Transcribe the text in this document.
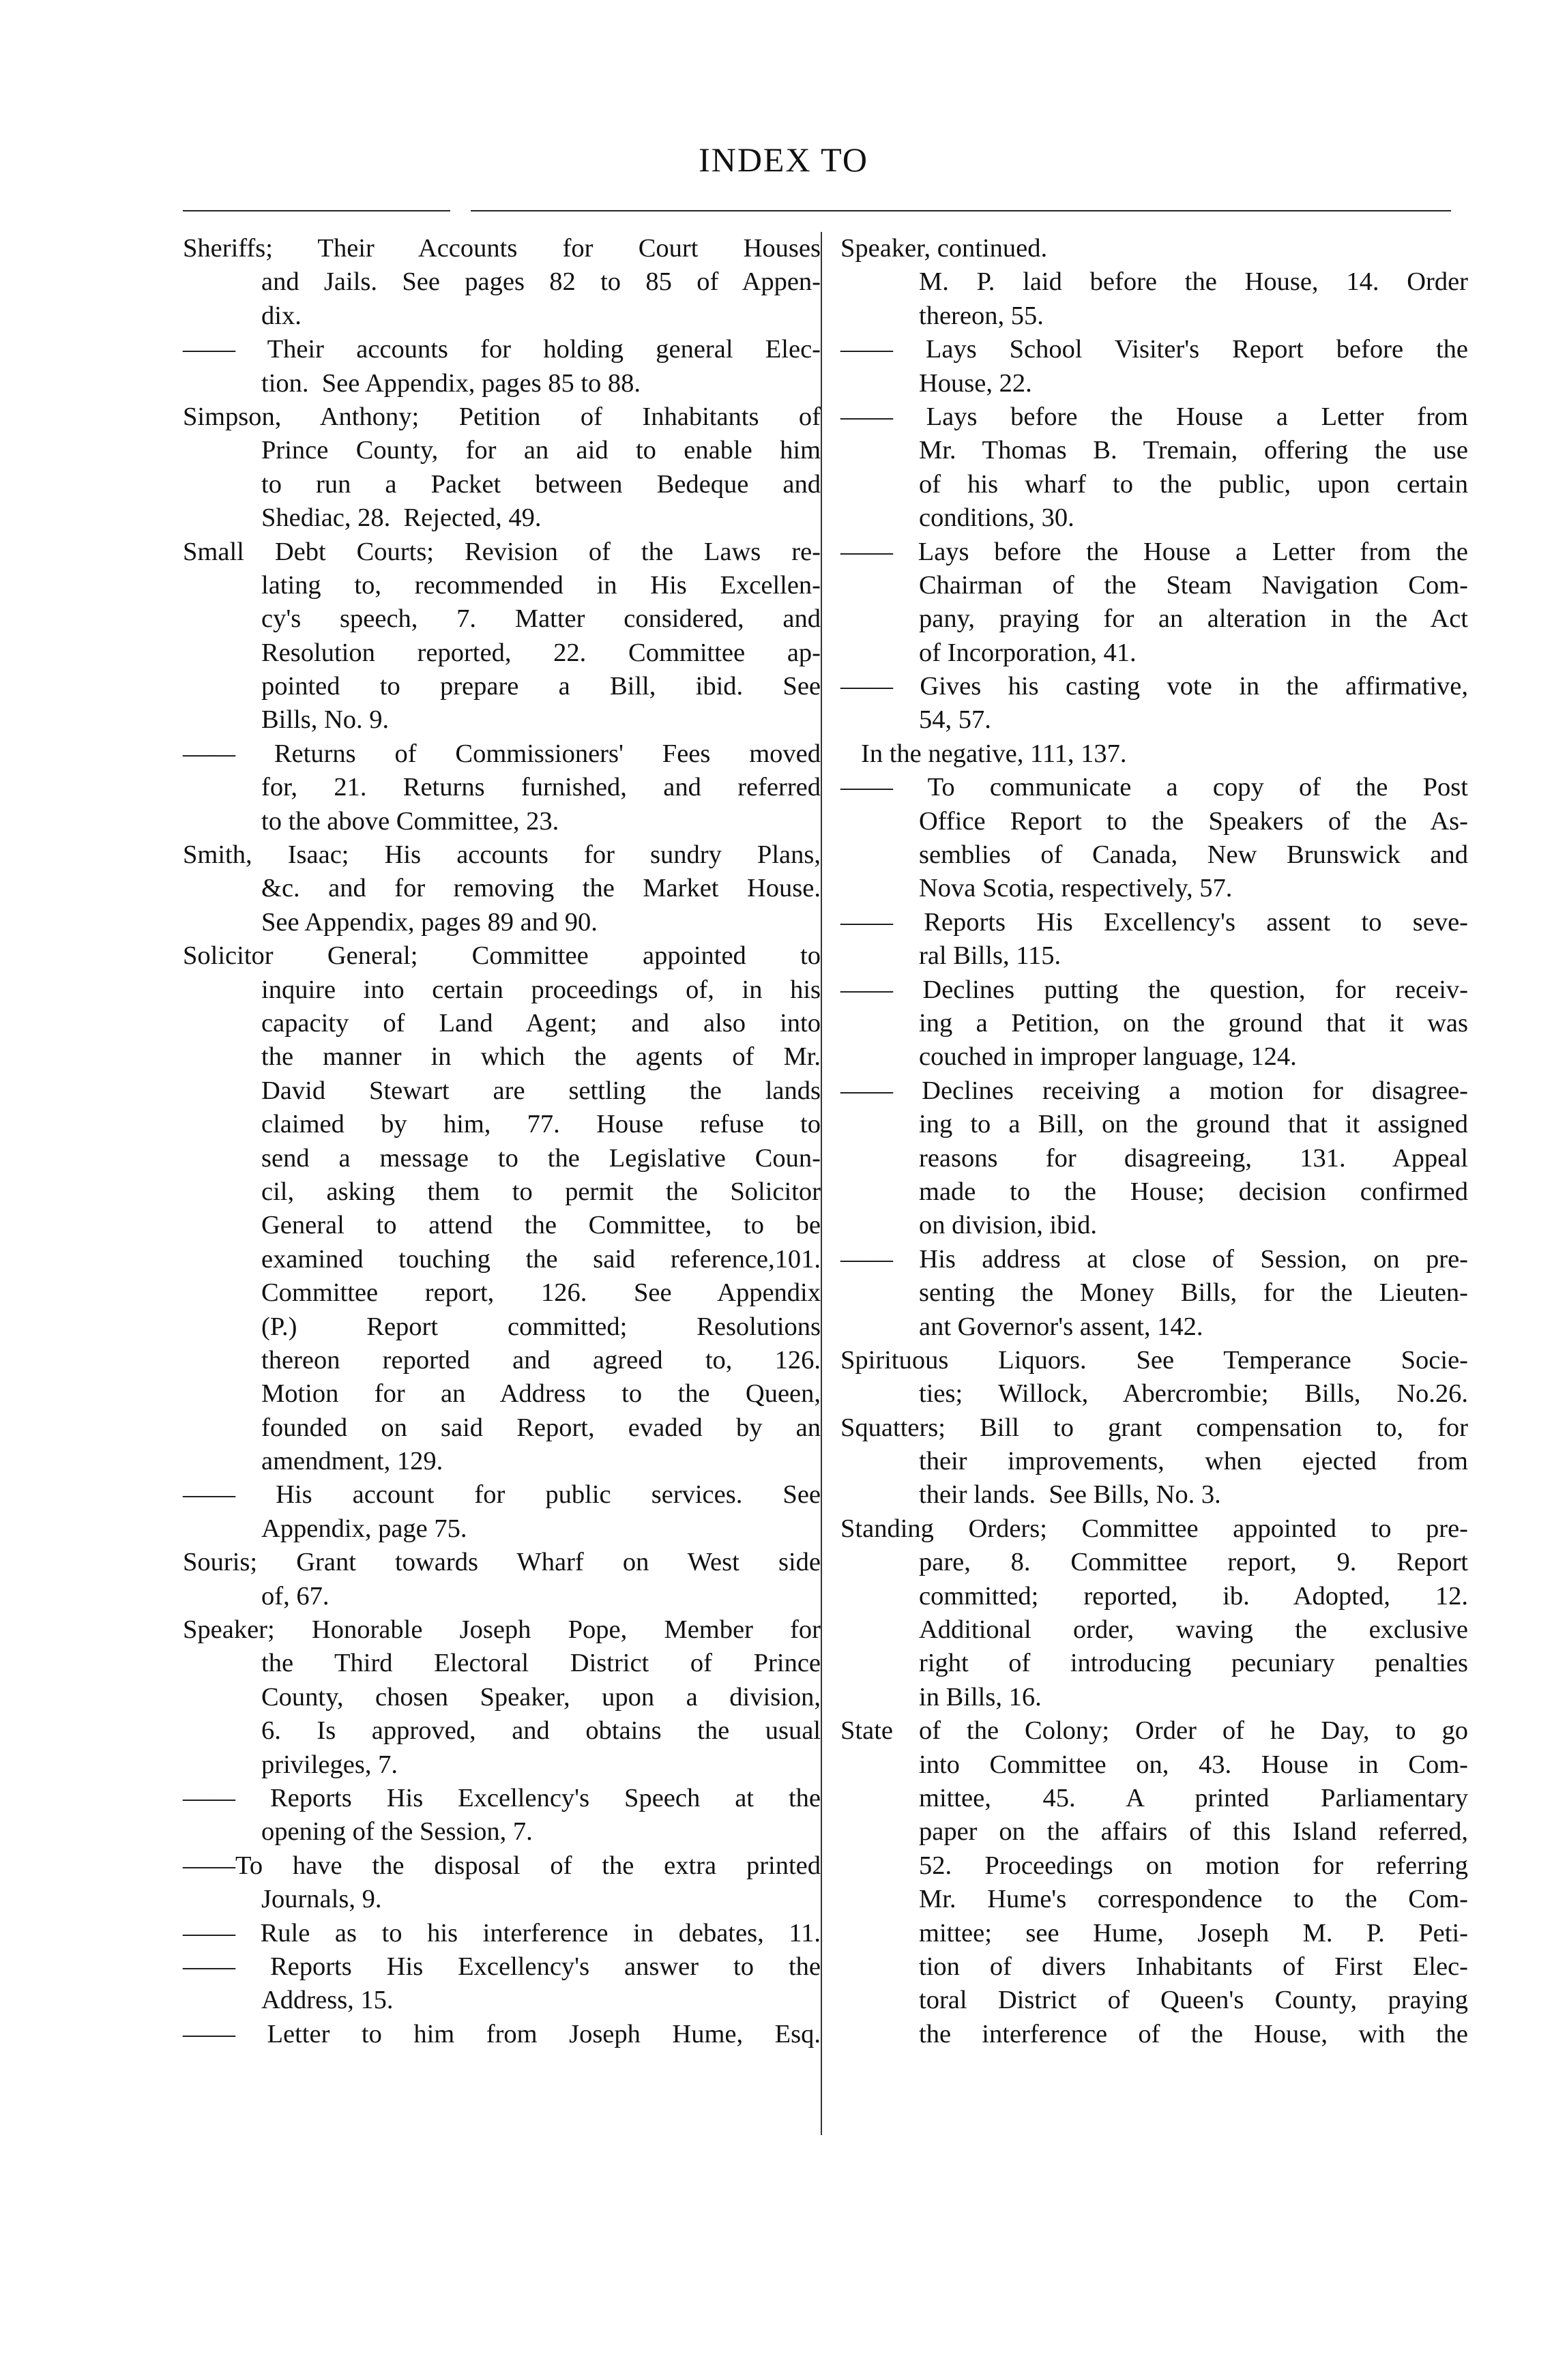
INDEX TO
Sheriffs; Their Accounts for Court Houses
and Jails. See pages 82 to 85 of Appen-
dix.
—— Their accounts for holding general Elec-
tion.  See Appendix, pages 85 to 88.
Simpson, Anthony; Petition of Inhabitants of
Prince County, for an aid to enable him
to run a Packet between Bedeque and
Shediac, 28.  Rejected, 49.
Small Debt Courts; Revision of the Laws re-
lating to, recommended in His Excellen-
cy's speech, 7. Matter considered, and
Resolution reported, 22. Committee ap-
pointed to prepare a Bill, ibid. See
Bills, No. 9.
—— Returns of Commissioners' Fees moved
for, 21. Returns furnished, and referred
to the above Committee, 23.
Smith, Isaac; His accounts for sundry Plans,
&c. and for removing the Market House.
See Appendix, pages 89 and 90.
Solicitor General; Committee appointed to
inquire into certain proceedings of, in his
capacity of Land Agent; and also into
the manner in which the agents of Mr.
David Stewart are settling the lands
claimed by him, 77. House refuse to
send a message to the Legislative Coun-
cil, asking them to permit the Solicitor
General to attend the Committee, to be
examined touching the said reference,101.
Committee report, 126. See Appendix
(P.) Report committed; Resolutions
thereon reported and agreed to, 126.
Motion for an Address to the Queen,
founded on said Report, evaded by an
amendment, 129.
—— His account for public services. See
Appendix, page 75.
Souris; Grant towards Wharf on West side
of, 67.
Speaker; Honorable Joseph Pope, Member for
the Third Electoral District of Prince
County, chosen Speaker, upon a division,
6. Is approved, and obtains the usual
privileges, 7.
—— Reports His Excellency's Speech at the
opening of the Session, 7.
——To have the disposal of the extra printed
Journals, 9.
—— Rule as to his interference in debates, 11.
—— Reports His Excellency's answer to the
Address, 15.
—— Letter to him from Joseph Hume, Esq.
Speaker, continued.
M. P. laid before the House, 14. Order
thereon, 55.
—— Lays School Visiter's Report before the
House, 22.
—— Lays before the House a Letter from
Mr. Thomas B. Tremain, offering the use
of his wharf to the public, upon certain
conditions, 30.
—— Lays before the House a Letter from the
Chairman of the Steam Navigation Com-
pany, praying for an alteration in the Act
of Incorporation, 41.
—— Gives his casting vote in the affirmative,
54, 57.
In the negative, 111, 137.
—— To communicate a copy of the Post
Office Report to the Speakers of the As-
semblies of Canada, New Brunswick and
Nova Scotia, respectively, 57.
—— Reports His Excellency's assent to seve-
ral Bills, 115.
—— Declines putting the question, for receiv-
ing a Petition, on the ground that it was
couched in improper language, 124.
—— Declines receiving a motion for disagree-
ing to a Bill, on the ground that it assigned
reasons for disagreeing, 131. Appeal
made to the House; decision confirmed
on division, ibid.
—— His address at close of Session, on pre-
senting the Money Bills, for the Lieuten-
ant Governor's assent, 142.
Spirituous Liquors. See Temperance Socie-
ties; Willock, Abercrombie; Bills, No.26.
Squatters; Bill to grant compensation to, for
their improvements, when ejected from
their lands.  See Bills, No. 3.
Standing Orders; Committee appointed to pre-
pare, 8. Committee report, 9. Report
committed; reported, ib. Adopted, 12.
Additional order, waving the exclusive
right of introducing pecuniary penalties
in Bills, 16.
State of the Colony; Order of he Day, to go
into Committee on, 43. House in Com-
mittee, 45. A printed Parliamentary
paper on the affairs of this Island referred,
52. Proceedings on motion for referring
Mr. Hume's correspondence to the Com-
mittee; see Hume, Joseph M. P. Peti-
tion of divers Inhabitants of First Elec-
toral District of Queen's County, praying
the interference of the House, with the
